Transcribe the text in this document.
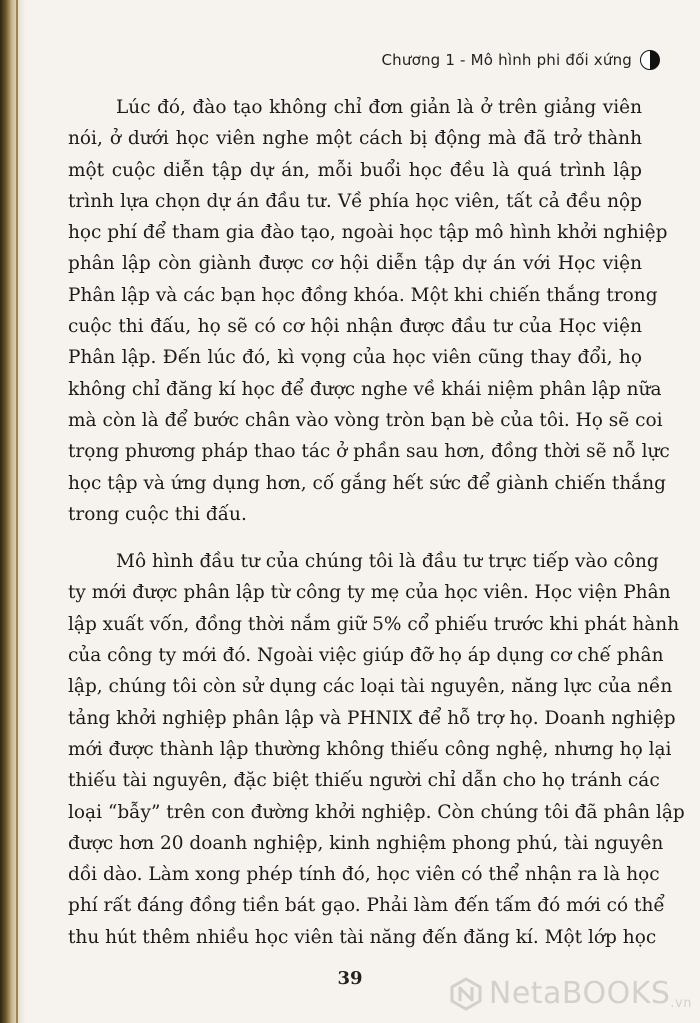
Chương 1 - Mô hình phi đối xứng

Lúc đó, đào tạo không chỉ đơn giản là ở trên giảng viên
nói, ở dưới học viên nghe một cách bị động mà đã trở thành
một cuộc diễn tập dự án, mỗi buổi học đều là quá trình lập
trình lựa chọn dự án đầu tư. Về phía học viên, tất cả đều nộp
học phí để tham gia đào tạo, ngoài học tập mô hình khởi nghiệp
phân lập còn giành được cơ hội diễn tập dự án với Học viện
Phân lập và các bạn học đồng khóa. Một khi chiến thắng trong
cuộc thi đấu, họ sẽ có cơ hội nhận được đầu tư của Học viện
Phân lập. Đến lúc đó, kì vọng của học viên cũng thay đổi, họ
không chỉ đăng kí học để được nghe về khái niệm phân lập nữa
mà còn là để bước chân vào vòng tròn bạn bè của tôi. Họ sẽ coi
trọng phương pháp thao tác ở phần sau hơn, đồng thời sẽ nỗ lực
học tập và ứng dụng hơn, cố gắng hết sức để giành chiến thắng
trong cuộc thi đấu.

Mô hình đầu tư của chúng tôi là đầu tư trực tiếp vào công
ty mới được phân lập từ công ty mẹ của học viên. Học viện Phân
lập xuất vốn, đồng thời nắm giữ 5% cổ phiếu trước khi phát hành
của công ty mới đó. Ngoài việc giúp đỡ họ áp dụng cơ chế phân
lập, chúng tôi còn sử dụng các loại tài nguyên, năng lực của nền
tảng khởi nghiệp phân lập và PHNIX để hỗ trợ họ. Doanh nghiệp
mới được thành lập thường không thiếu công nghệ, nhưng họ lại
thiếu tài nguyên, đặc biệt thiếu người chỉ dẫn cho họ tránh các
loại “bẫy” trên con đường khởi nghiệp. Còn chúng tôi đã phân lập
được hơn 20 doanh nghiệp, kinh nghiệm phong phú, tài nguyên
dồi dào. Làm xong phép tính đó, học viên có thể nhận ra là học
phí rất đáng đồng tiền bát gạo. Phải làm đến tấm đó mới có thể
thu hút thêm nhiều học viên tài năng đến đăng kí. Một lớp học

39	NetaBOOKS.vn
